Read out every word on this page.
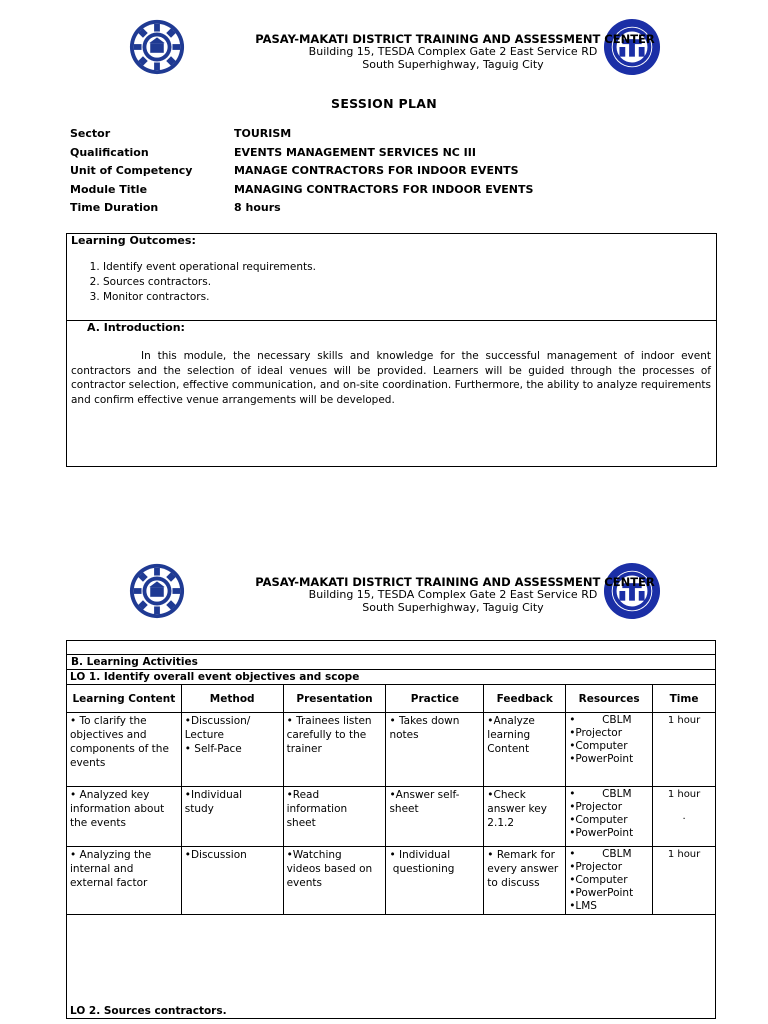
PASAY-MAKATI DISTRICT TRAINING AND ASSESSMENT CENTER
Building 15, TESDA Complex Gate 2 East Service RD
South Superhighway, Taguig City
SESSION PLAN
Sector	TOURISM
Qualification	EVENTS MANAGEMENT SERVICES NC III
Unit of Competency	MANAGE CONTRACTORS FOR INDOOR EVENTS
Module Title	MANAGING CONTRACTORS FOR INDOOR EVENTS
Time Duration	8 hours
Learning Outcomes:
1. Identify event operational requirements.
2. Sources contractors.
3. Monitor contractors.
A. Introduction:
In this module, the necessary skills and knowledge for the successful management of indoor event contractors and the selection of ideal venues will be provided. Learners will be guided through the processes of contractor selection, effective communication, and on-site coordination. Furthermore, the ability to analyze requirements and confirm effective venue arrangements will be developed.
PASAY-MAKATI DISTRICT TRAINING AND ASSESSMENT CENTER
Building 15, TESDA Complex Gate 2 East Service RD
South Superhighway, Taguig City

B. Learning Activities						
LO 1. Identify overall event objectives and scope						
Learning Content	Method	Presentation	Practice	Feedback	Resources	Time

• To clarify the
objectives and
components of the
events	•Discussion/
Lecture
• Self-Pace	• Trainees listen
carefully to the
trainer	• Takes down
notes	•Analyze
learning
Content	•        CBLM
•Projector
•Computer
•PowerPoint	1 hour

• Analyzed key
information about
the events	•Individual
study	•Read
information
sheet	•Answer self-
sheet	•Check
answer key
2.1.2	•        CBLM
•Projector
•Computer
•PowerPoint	1 hour
.

• Analyzing the
internal and
external factor	•Discussion	•Watching
videos based on
events	• Individual
questioning	• Remark for
every answer
to discuss	•        CBLM
•Projector
•Computer
•PowerPoint
•LMS	1 hour

LO 2. Sources contractors.						
